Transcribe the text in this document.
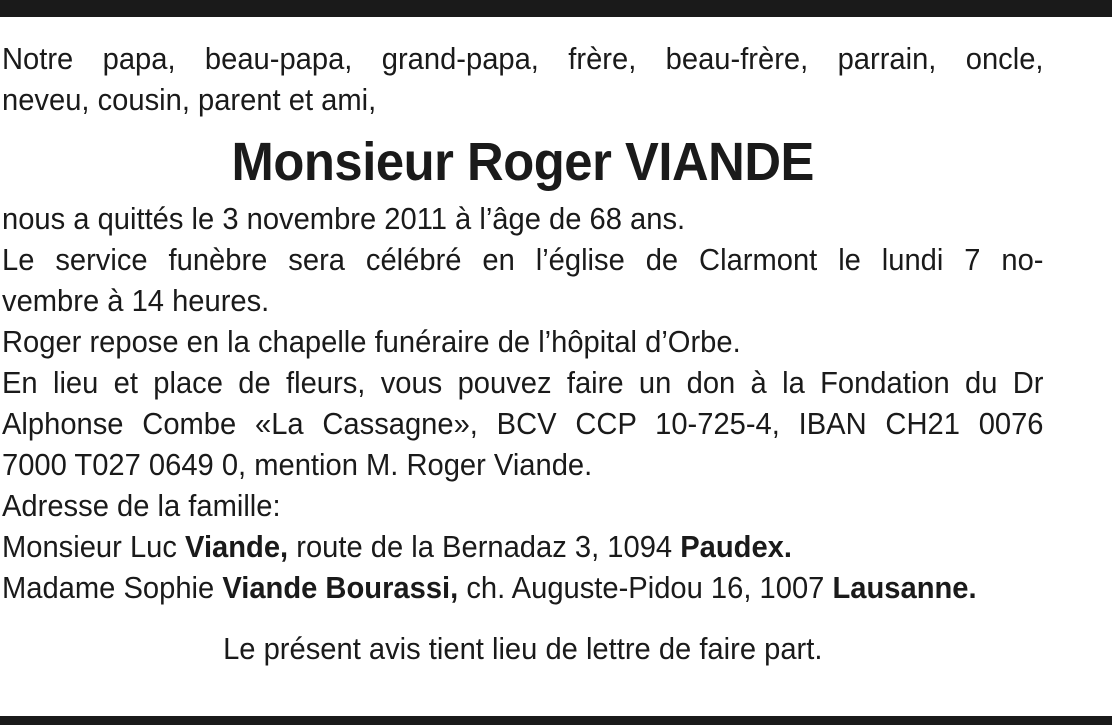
Notre papa, beau-papa, grand-papa, frère, beau-frère, parrain, oncle,
neveu, cousin, parent et ami,
Monsieur Roger VIANDE
nous a quittés le 3 novembre 2011 à l’âge de 68 ans.
Le service funèbre sera célébré en l’église de Clarmont le lundi 7 no-
vembre à 14 heures.
Roger repose en la chapelle funéraire de l’hôpital d’Orbe.
En lieu et place de fleurs, vous pouvez faire un don à la Fondation du Dr
Alphonse Combe «La Cassagne», BCV CCP 10-725-4, IBAN CH21 0076
7000 T027 0649 0, mention M. Roger Viande.
Adresse de la famille:
Monsieur Luc Viande, route de la Bernadaz 3, 1094 Paudex.
Madame Sophie Viande Bourassi, ch. Auguste-Pidou 16, 1007 Lausanne.
Le présent avis tient lieu de lettre de faire part.
